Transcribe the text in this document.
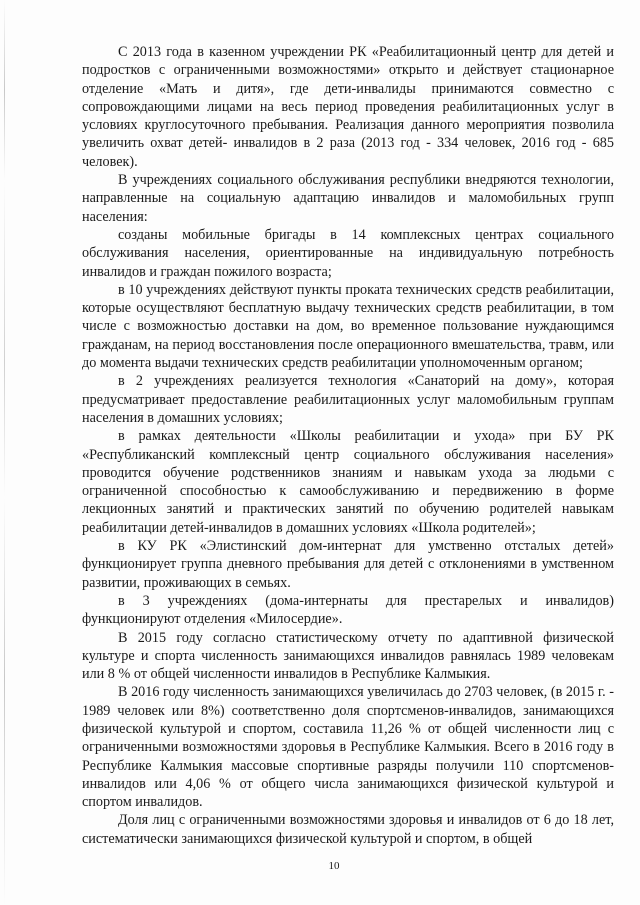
С 2013 года в казенном учреждении РК «Реабилитационный центр для детей и подростков с ограниченными возможностями» открыто и действует стационарное отделение «Мать и дитя», где дети-инвалиды принимаются совместно с сопровождающими лицами на весь период проведения реабилитационных услуг в условиях круглосуточного пребывания. Реализация данного мероприятия позволила увеличить охват детей- инвалидов в 2 раза (2013 год - 334 человек, 2016 год - 685 человек).

В учреждениях социального обслуживания республики внедряются технологии, направленные на социальную адаптацию инвалидов и маломобильных групп населения:

созданы мобильные бригады в 14 комплексных центрах социального обслуживания населения, ориентированные на индивидуальную потребность инвалидов и граждан пожилого возраста;

в 10 учреждениях действуют пункты проката технических средств реабилитации, которые осуществляют бесплатную выдачу технических средств реабилитации, в том числе с возможностью доставки на дом, во временное пользование нуждающимся гражданам, на период восстановления после операционного вмешательства, травм, или до момента выдачи технических средств реабилитации уполномоченным органом;

в 2 учреждениях реализуется технология «Санаторий на дому», которая предусматривает предоставление реабилитационных услуг маломобильным группам населения в домашних условиях;

в рамках деятельности «Школы реабилитации и ухода» при БУ РК «Республиканский комплексный центр социального обслуживания населения» проводится обучение родственников знаниям и навыкам ухода за людьми с ограниченной способностью к самообслуживанию и передвижению в форме лекционных занятий и практических занятий по обучению родителей навыкам реабилитации детей-инвалидов в домашних условиях «Школа родителей»;

в КУ РК «Элистинский дом-интернат для умственно отсталых детей» функционирует группа дневного пребывания для детей с отклонениями в умственном развитии, проживающих в семьях.

в 3 учреждениях (дома-интернаты для престарелых и инвалидов) функционируют отделения «Милосердие».

В 2015 году согласно статистическому отчету по адаптивной физической культуре и спорта численность занимающихся инвалидов равнялась 1989 человекам или 8 % от общей численности инвалидов в Республике Калмыкия.

В 2016 году численность занимающихся увеличилась до 2703 человек, (в 2015 г. - 1989 человек или 8%) соответственно доля спортсменов-инвалидов, занимающихся физической культурой и спортом, составила 11,26 % от общей численности лиц с ограниченными возможностями здоровья в Республике Калмыкия. Всего в 2016 году в Республике Калмыкия массовые спортивные разряды получили 110 спортсменов-инвалидов или 4,06 % от общего числа занимающихся физической культурой и спортом инвалидов.

Доля лиц с ограниченными возможностями здоровья и инвалидов от 6 до 18 лет, систематически занимающихся физической культурой и спортом, в общей

10
